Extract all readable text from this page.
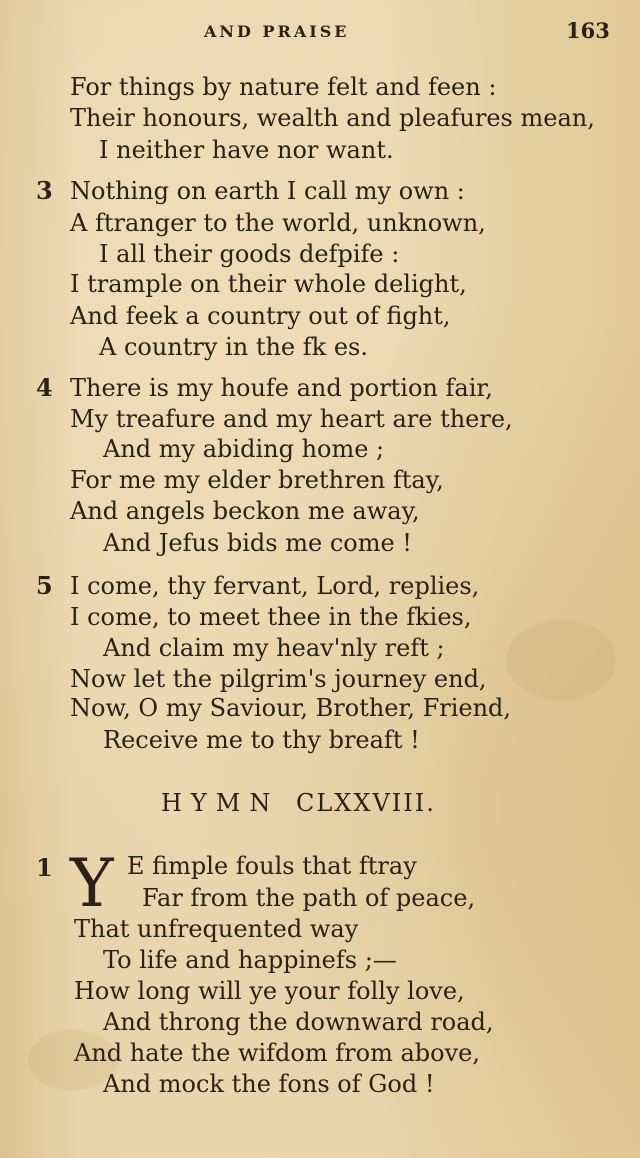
AND PRAISE	163
For things by nature felt and feen :
Their honours, wealth and pleafures mean,
I neither have nor want.
3 Nothing on earth I call my own :
A ftranger to the world, unknown,
I all their goods defpife :
I trample on their whole delight,
And feek a country out of fight,
A country in the fk es.
4 There is my houfe and portion fair,
My treafure and my heart are there,
And my abiding home ;
For me my elder brethren ftay,
And angels beckon me away,
And Jefus bids me come !
5 I come, thy fervant, Lord, replies,
I come, to meet thee in the fkies,
And claim my heav'nly reft ;
Now let the pilgrim's journey end,
Now, O my Saviour, Brother, Friend,
Receive me to thy breaft !
HYMN CLXXVIII.
1 Y E fimple fouls that ftray
Far from the path of peace,
That unfrequented way
To life and happinefs ;—
How long will ye your folly love,
And throng the downward road,
And hate the wifdom from above,
And mock the fons of God !
